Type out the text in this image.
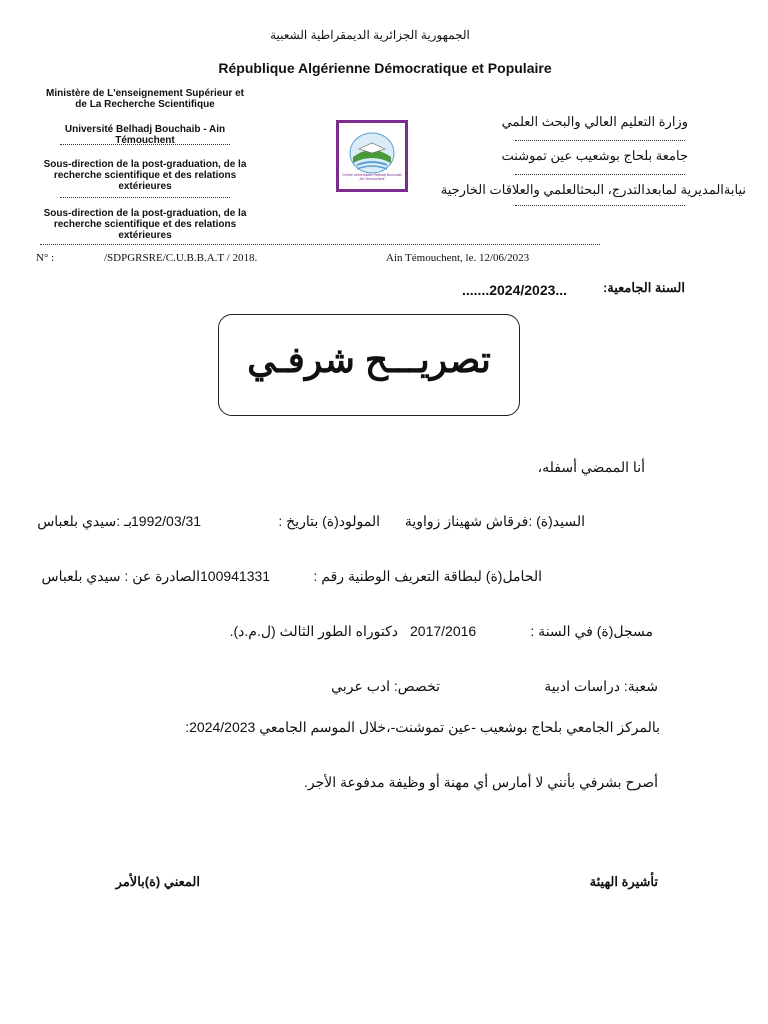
الجمهورية الجزائرية الديمقراطية الشعبية
République Algérienne Démocratique et Populaire
Ministère de L'enseignement Supérieur et de La Recherche Scientifique
Université Belhadj Bouchaib - Ain Témouchent
Sous-direction de la post-graduation, de la recherche scientifique et des relations extérieures
Sous-direction de la post-graduation, de la recherche scientifique et des relations extérieures
Centre Universitaire Belhadj Bouchaib Ain Temouchent
وزارة التعليم العالي والبحث العلمي
جامعة بلحاج بوشعيب عين تموشنت
نيابةالمديرية لمابعدالتدرج، البحثالعلمي والعلاقات الخارجية
N° :	/SDPGRSRE/C.U.B.B.A.T / 2018.	Ain Témouchent, le. 12/06/2023
السنة الجامعية:
.......2024/2023...
تصريـــح شرفـي
أنا الممضي أسفله،
السيد(ة) :فرقاش شهيناز زواوية
المولود(ة) بتاريخ :
1992/03/31
بـ :سيدي بلعباس
الحامل(ة) لبطاقة التعريف الوطنية رقم :
100941331
الصادرة عن : سيدي بلعباس
مسجل(ة) في السنة :
2017/2016
دكتوراه الطور الثالث (ل.م.د).
شعبة: دراسات ادبية
تخصص: ادب عربي
بالمركز الجامعي بلحاج بوشعيب -عين تموشنت-،خلال الموسم الجامعي 2024/2023:
أصرح بشرفي بأنني لا أمارس أي مهنة أو وظيفة مدفوعة الأجر.
تأشيرة الهيئة
المعني (ة)بالأمر
